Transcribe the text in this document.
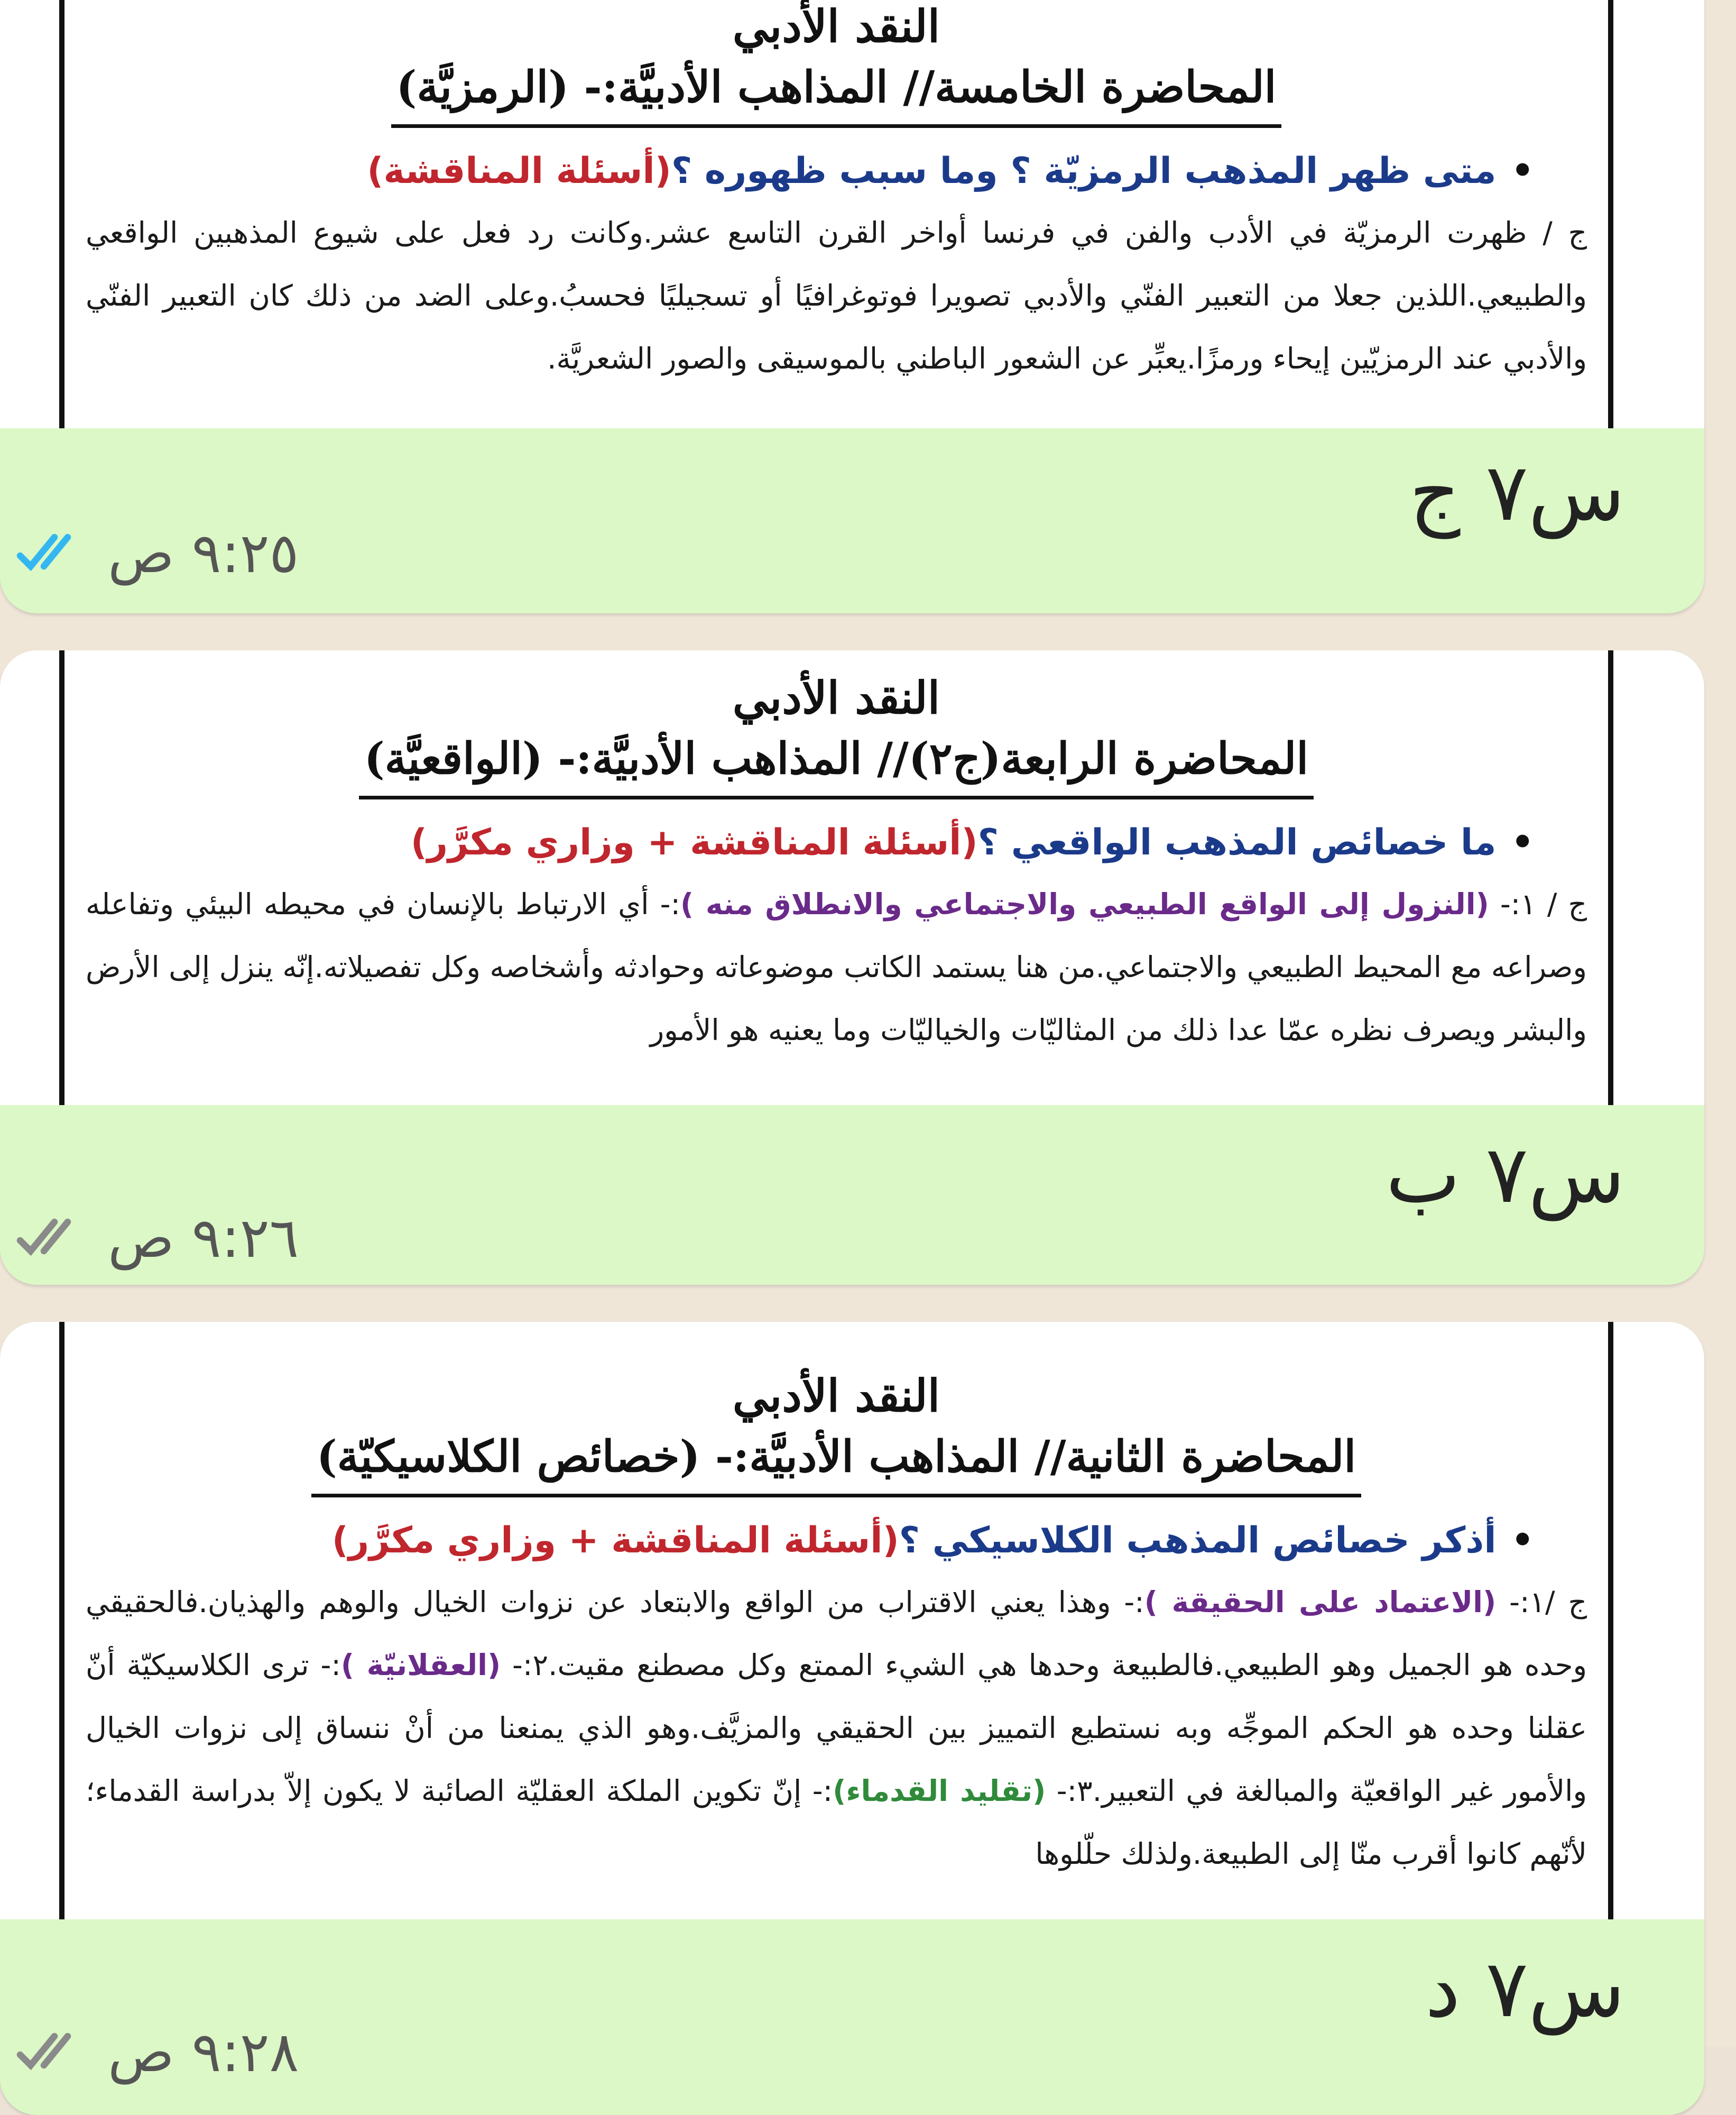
النقد الأدبي
المحاضرة الخامسة// المذاهب الأدبيَّة:- (الرمزيَّة)
•متى ظهر المذهب الرمزيّة ؟ وما سبب ظهوره ؟(أسئلة المناقشة)
ج / ظهرت الرمزيّة في الأدب والفن في فرنسا أواخر القرن التاسع عشر.وكانت رد فعل على شيوع المذهبين الواقعي والطبيعي.اللذين جعلا من التعبير الفنّي والأدبي تصويرا فوتوغرافيًا أو تسجيليًا فحسبُ.وعلى الضد من ذلك كان التعبير الفنّي والأدبي عند الرمزيّين إيحاء ورمزًا.يعبِّر عن الشعور الباطني بالموسيقى والصور الشعريَّة.
س٧ ج
٩:٢٥ ص
النقد الأدبي
المحاضرة الرابعة(ج٢)// المذاهب الأدبيَّة:- (الواقعيَّة)
•ما خصائص المذهب الواقعي ؟(أسئلة المناقشة + وزاري مكرَّر)
ج / ١:- (النزول إلى الواقع الطبيعي والاجتماعي والانطلاق منه ):- أي الارتباط بالإنسان في محيطه البيئي وتفاعله وصراعه مع المحيط الطبيعي والاجتماعي.من هنا يستمد الكاتب موضوعاته وحوادثه وأشخاصه وكل تفصيلاته.إنّه ينزل إلى الأرض والبشر ويصرف نظره عمّا عدا ذلك من المثاليّات والخياليّات وما يعنيه هو الأمور
س٧ ب
٩:٢٦ ص
النقد الأدبي
المحاضرة الثانية// المذاهب الأدبيَّة:- (خصائص الكلاسيكيّة)
•أذكر خصائص المذهب الكلاسيكي ؟(أسئلة المناقشة + وزاري مكرَّر)
ج /١:- (الاعتماد على الحقيقة ):- وهذا يعني الاقتراب من الواقع والابتعاد عن نزوات الخيال والوهم والهذيان.فالحقيقي وحده هو الجميل وهو الطبيعي.فالطبيعة وحدها هي الشيء الممتع وكل مصطنع مقيت.٢:- (العقلانيّة ):- ترى الكلاسيكيّة أنّ عقلنا وحده هو الحكم الموجِّه وبه نستطيع التمييز بين الحقيقي والمزيَّف.وهو الذي يمنعنا من أنْ ننساق إلى نزوات الخيال والأمور غير الواقعيّة والمبالغة في التعبير.٣:- (تقليد القدماء):- إنّ تكوين الملكة العقليّة الصائبة لا يكون إلاّ بدراسة القدماء؛لأنّهم كانوا أقرب منّا إلى الطبيعة.ولذلك حلّلوها
س٧ د
٩:٢٨ ص
